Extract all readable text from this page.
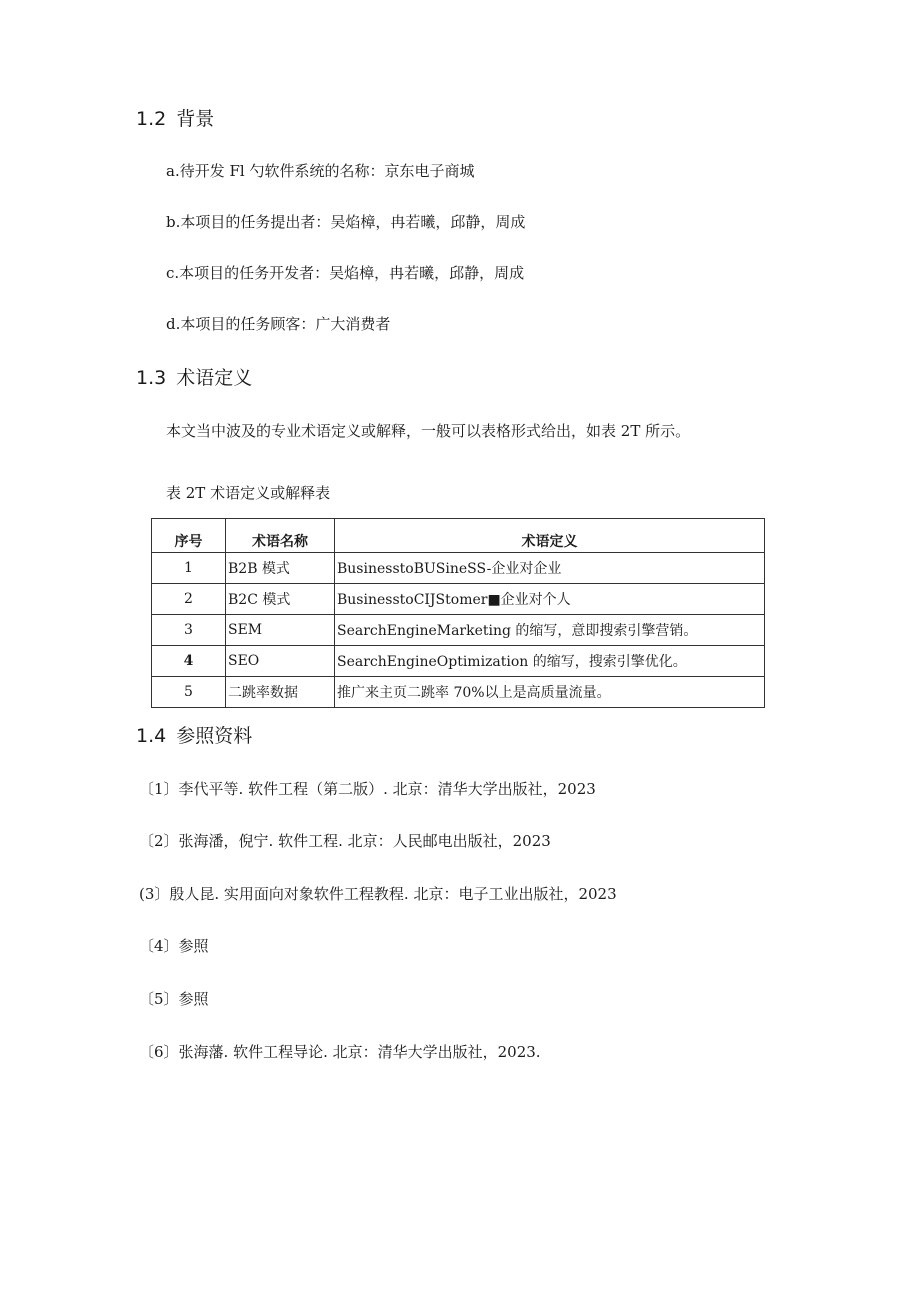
1.2 背景
a.待开发 Fl 勺软件系统的名称：京东电子商城
b.本项目的任务提出者：吴焰樟，冉若曦，邱静，周成
c.本项目的任务开发者：吴焰樟，冉若曦，邱静，周成
d.本项目的任务顾客：广大消费者
1.3 术语定义
本文当中波及的专业术语定义或解释，一般可以表格形式给出，如表 2T 所示。
表 2T 术语定义或解释表
序号	术语名称	术语定义
1	B2B 模式	BusinesstoBUSineSS-企业对企业
2	B2C 模式	BusinesstoCIJStomer■企业对个人
3	SEM	SearchEngineMarketing 的缩写，意即搜索引擎营销。
4	SEO	SearchEngineOptimization 的缩写，搜索引擎优化。
5	二跳率数据	推广来主页二跳率 70%以上是高质量流量。
1.4 参照资料
〔1〕李代平等. 软件工程（第二版）. 北京：清华大学出版社，2023
〔2〕张海潘，倪宁. 软件工程. 北京：人民邮电出版社，2023
(3〕殷人昆. 实用面向对象软件工程教程. 北京：电子工业出版社，2023
〔4〕参照
〔5〕参照
〔6〕张海藩. 软件工程导论. 北京：清华大学出版社，2023.
